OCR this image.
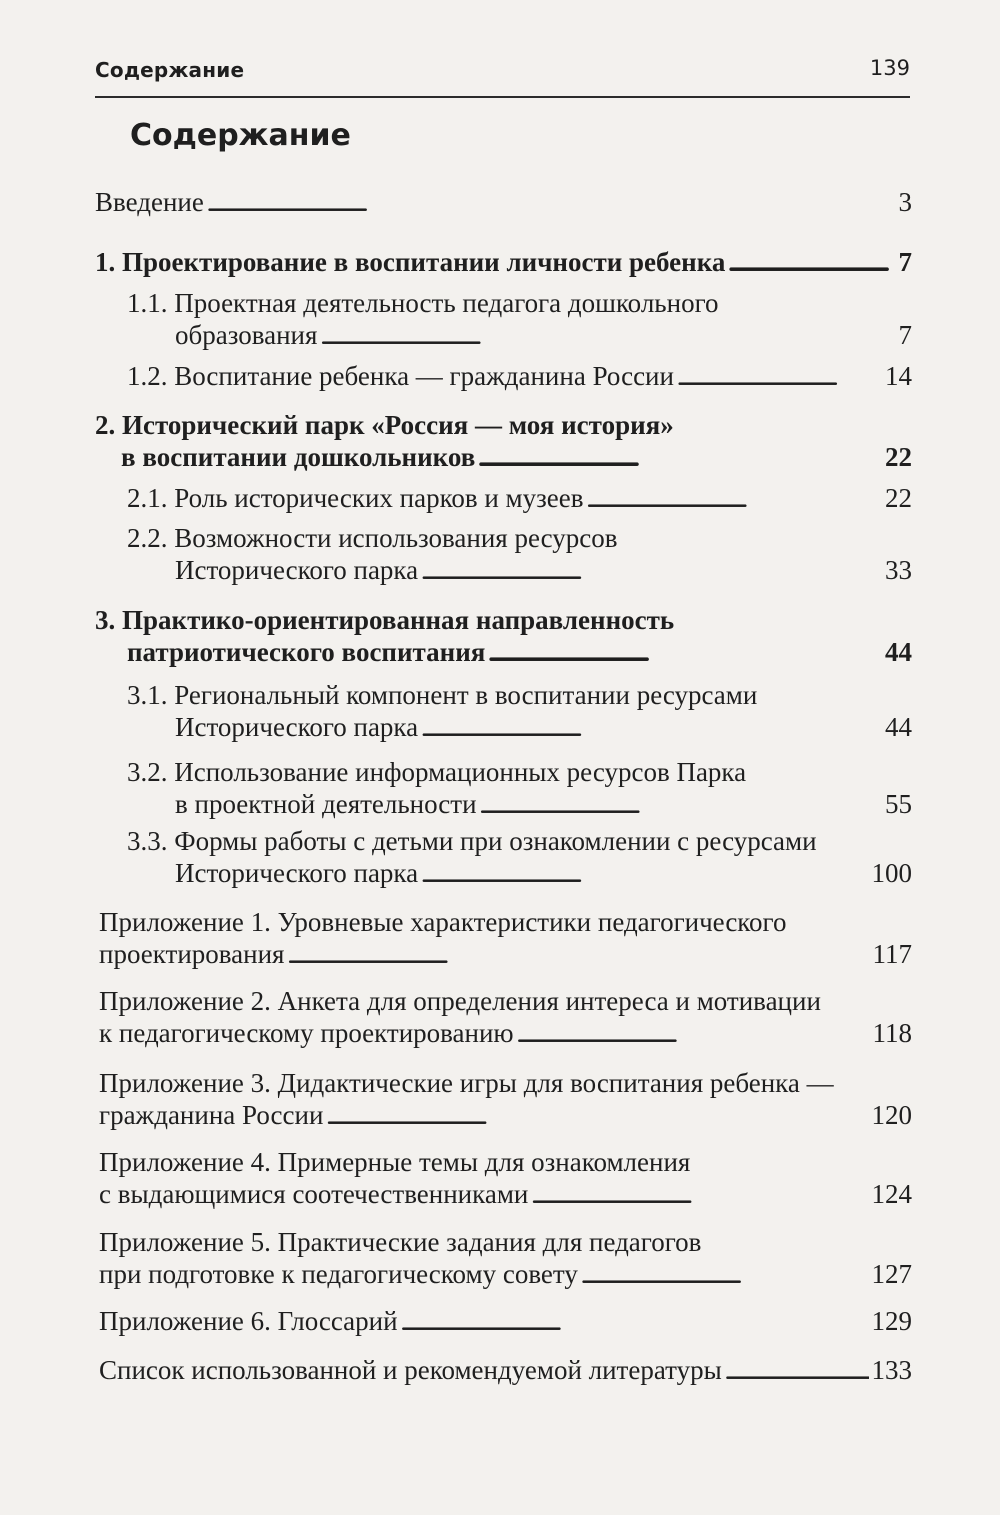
Содержание	139
Содержание
Введение . . .	3
1. Проектирование в воспитании личности ребенка . . .	7
1.1. Проектная деятельность педагога дошкольного
образования . . .	7
1.2. Воспитание ребенка — гражданина России . . .	14
2. Исторический парк «Россия — моя история»
в воспитании дошкольников . . .	22
2.1. Роль исторических парков и музеев . . .	22
2.2. Возможности использования ресурсов
Исторического парка . . .	33
3. Практико-ориентированная направленность
патриотического воспитания . . .	44
3.1. Региональный компонент в воспитании ресурсами
Исторического парка . . .	44
3.2. Использование информационных ресурсов Парка
в проектной деятельности . . .	55
3.3. Формы работы с детьми при ознакомлении с ресурсами
Исторического парка . . .	100
Приложение 1. Уровневые характеристики педагогического
проектирования . . .	117
Приложение 2. Анкета для определения интереса и мотивации
к педагогическому проектированию . . .	118
Приложение 3. Дидактические игры для воспитания ребенка —
гражданина России . . .	120
Приложение 4. Примерные темы для ознакомления
с выдающимися соотечественниками . . .	124
Приложение 5. Практические задания для педагогов
при подготовке к педагогическому совету . . .	127
Приложение 6. Глоссарий . . .	129
Список использованной и рекомендуемой литературы . . .	133
